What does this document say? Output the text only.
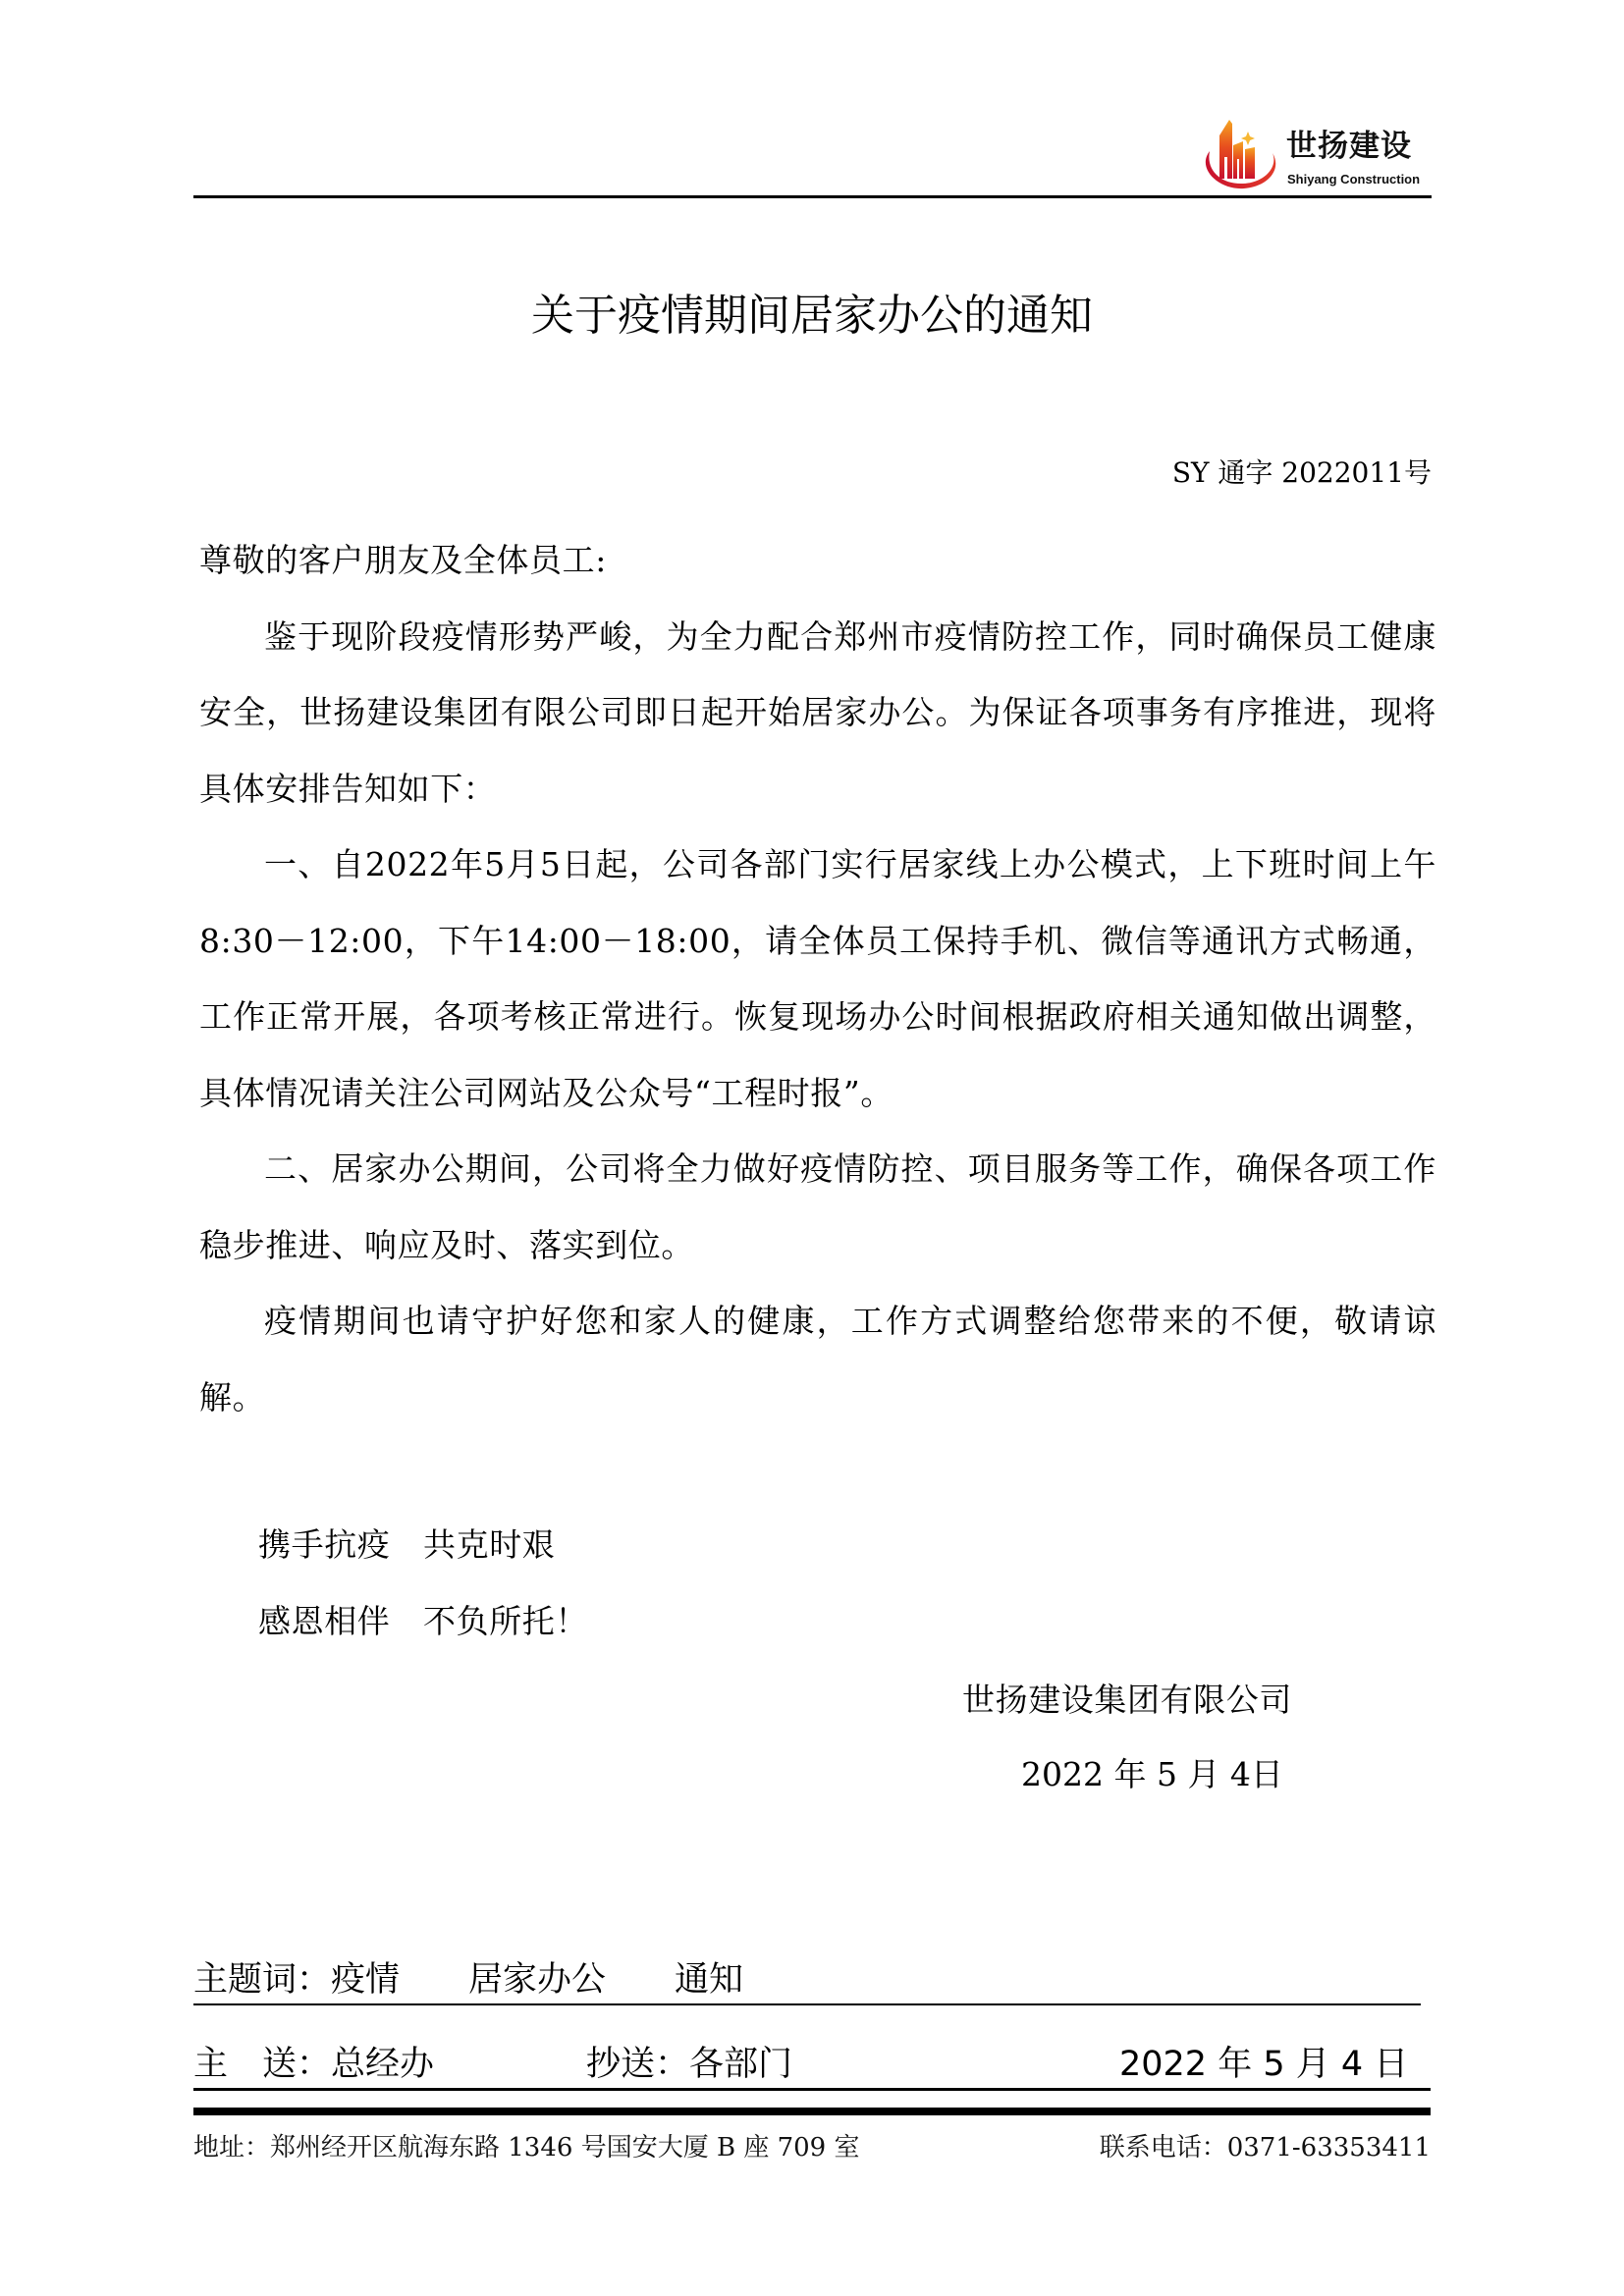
世扬建设
Shiyang Construction
关于疫情期间居家办公的通知
SY 通字 2022011号

尊敬的客户朋友及全体员工:

鉴于现阶段疫情形势严峻，为全力配合郑州市疫情防控工作，同时确保员工健康安全，世扬建设集团有限公司即日起开始居家办公。为保证各项事务有序推进，现将具体安排告知如下：

一、自2022年5月5日起，公司各部门实行居家线上办公模式，上下班时间上午8:30－12:00，下午14:00－18:00，请全体员工保持手机、微信等通讯方式畅通，工作正常开展，各项考核正常进行。恢复现场办公时间根据政府相关通知做出调整，具体情况请关注公司网站及公众号“工程时报”。

二、居家办公期间，公司将全力做好疫情防控、项目服务等工作，确保各项工作稳步推进、响应及时、落实到位。

疫情期间也请守护好您和家人的健康，工作方式调整给您带来的不便，敬请谅解。

携手抗疫　共克时艰
感恩相伴　不负所托！
世扬建设集团有限公司
2022 年 5 月 4日
主题词：疫情　　居家办公　　通知
主　送：总经办	抄送：各部门	2022 年 5 月 4 日
地址：郑州经开区航海东路 1346 号国安大厦 B 座 709 室	联系电话：0371-63353411
